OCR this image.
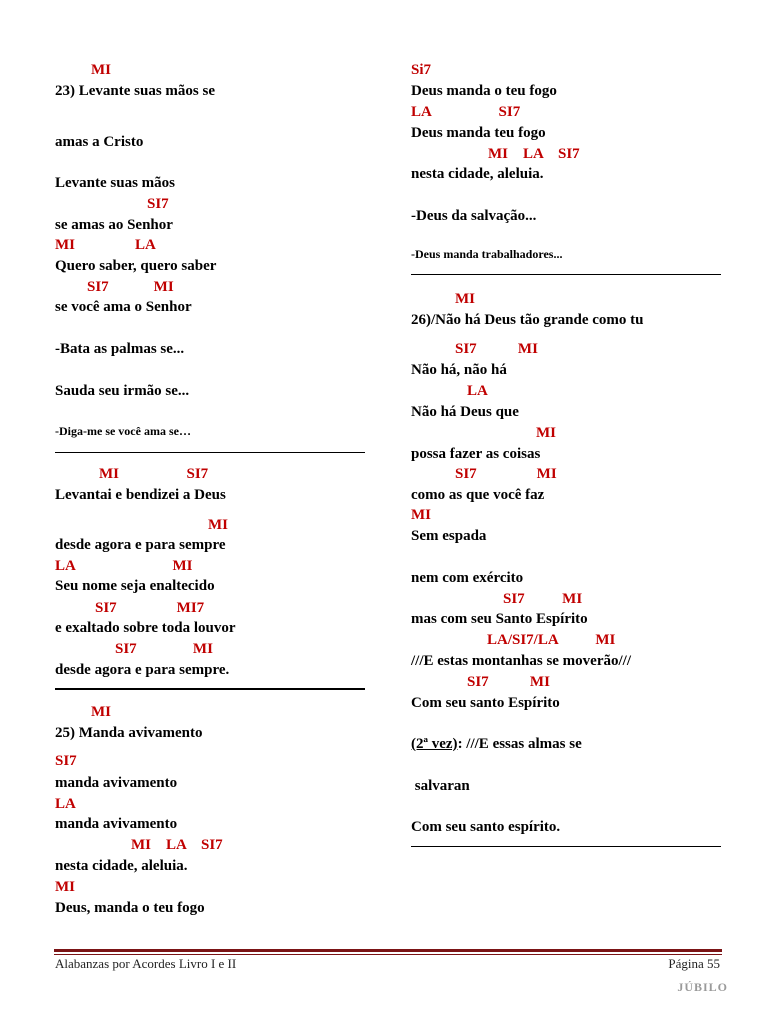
MI
23) Levante suas mãos se
amas a Cristo
Levante suas mãos
SI7
se amas ao Senhor
MI                LA
Quero saber, quero saber
SI7            MI
se você ama o Senhor
-Bata as palmas se...
Sauda seu irmão se...
-Diga-me se você ama se…
MI                  SI7
Levantai e bendizei a Deus
MI
desde agora e para sempre
LA                          MI
Seu nome seja enaltecido
SI7                MI7
e exaltado sobre toda louvor
SI7               MI
desde agora e para sempre.
MI
25) Manda avivamento
SI7
manda avivamento
LA
manda avivamento
MI    LA    SI7
nesta cidade, aleluia.
MI
Deus, manda o teu fogo
Si7
Deus manda o teu fogo
LA                  SI7
Deus manda teu fogo
MI    LA    SI7
nesta cidade, aleluia.
-Deus da salvação...
-Deus manda trabalhadores...
MI
26)/Não há Deus tão grande como tu
SI7           MI
Não há, não há
LA
Não há Deus que
MI
possa fazer as coisas
SI7                MI
como as que você faz
MI
Sem espada
nem com exército
SI7          MI
mas com seu Santo Espírito
LA/SI7/LA          MI
///E estas montanhas se moverão///
SI7           MI
Com seu santo Espírito
(2ª vez): ///E essas almas se
salvaran
Com seu santo espírito.
Alabanzas por Acordes Livro I e II	Página 55
JÚBILO
